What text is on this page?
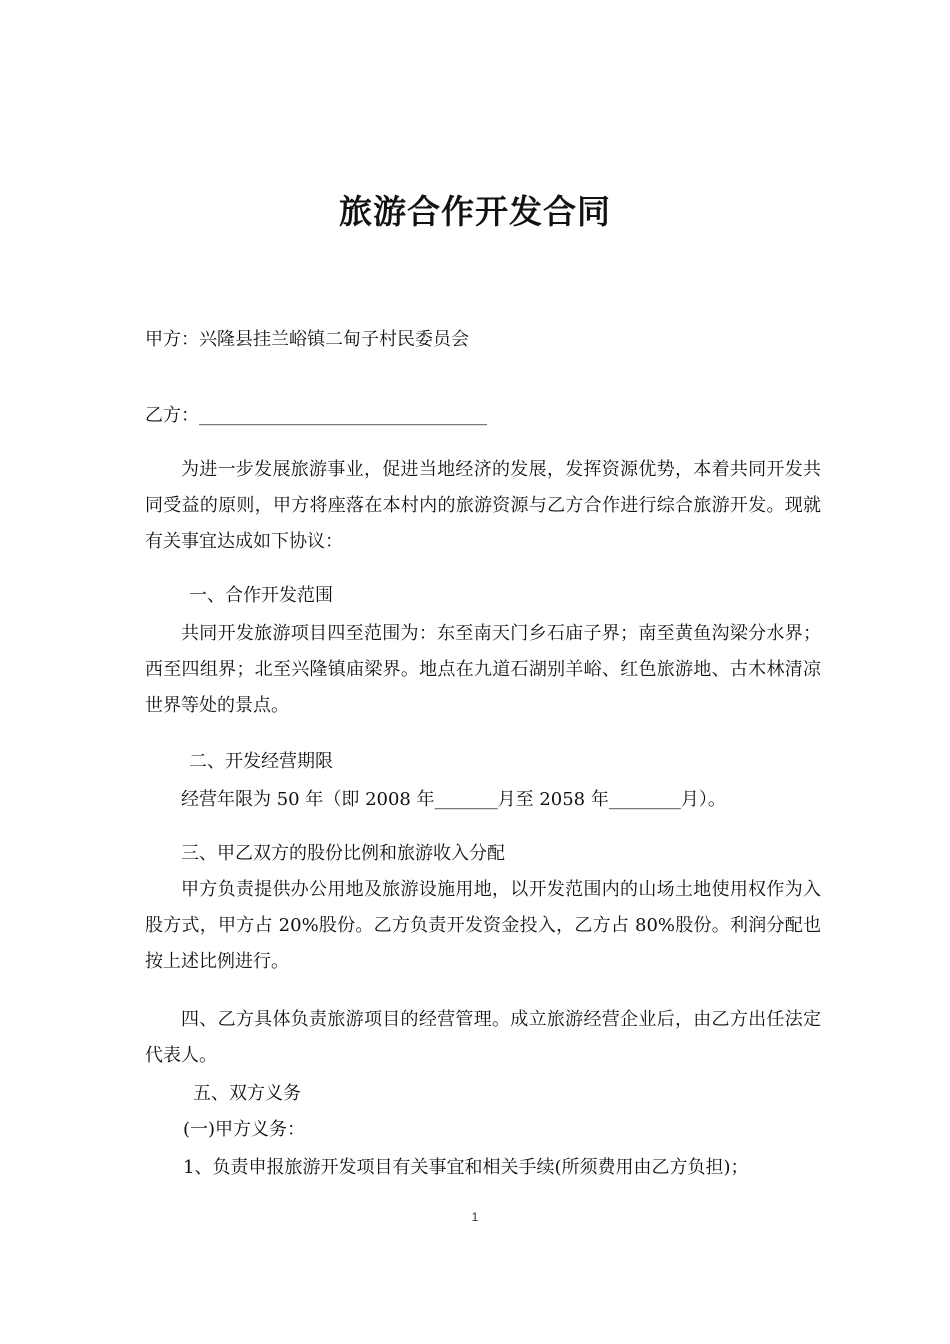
旅游合作开发合同
甲方：兴隆县挂兰峪镇二甸子村民委员会
乙方：________________________________
为进一步发展旅游事业，促进当地经济的发展，发挥资源优势，本着共同开发共同受益的原则，甲方将座落在本村内的旅游资源与乙方合作进行综合旅游开发。现就有关事宜达成如下协议：
一、合作开发范围
共同开发旅游项目四至范围为：东至南天门乡石庙子界；南至黄鱼沟梁分水界；西至四组界；北至兴隆镇庙梁界。地点在九道石湖别羊峪、红色旅游地、古木林清凉世界等处的景点。
二、开发经营期限
经营年限为 50 年（即 2008 年_______月至 2058 年________月）。
三、甲乙双方的股份比例和旅游收入分配
甲方负责提供办公用地及旅游设施用地，以开发范围内的山场土地使用权作为入股方式，甲方占 20%股份。乙方负责开发资金投入，乙方占 80%股份。利润分配也按上述比例进行。
四、乙方具体负责旅游项目的经营管理。成立旅游经营企业后，由乙方出任法定代表人。
五、双方义务
(一)甲方义务：
1、负责申报旅游开发项目有关事宜和相关手续(所须费用由乙方负担)；
1
